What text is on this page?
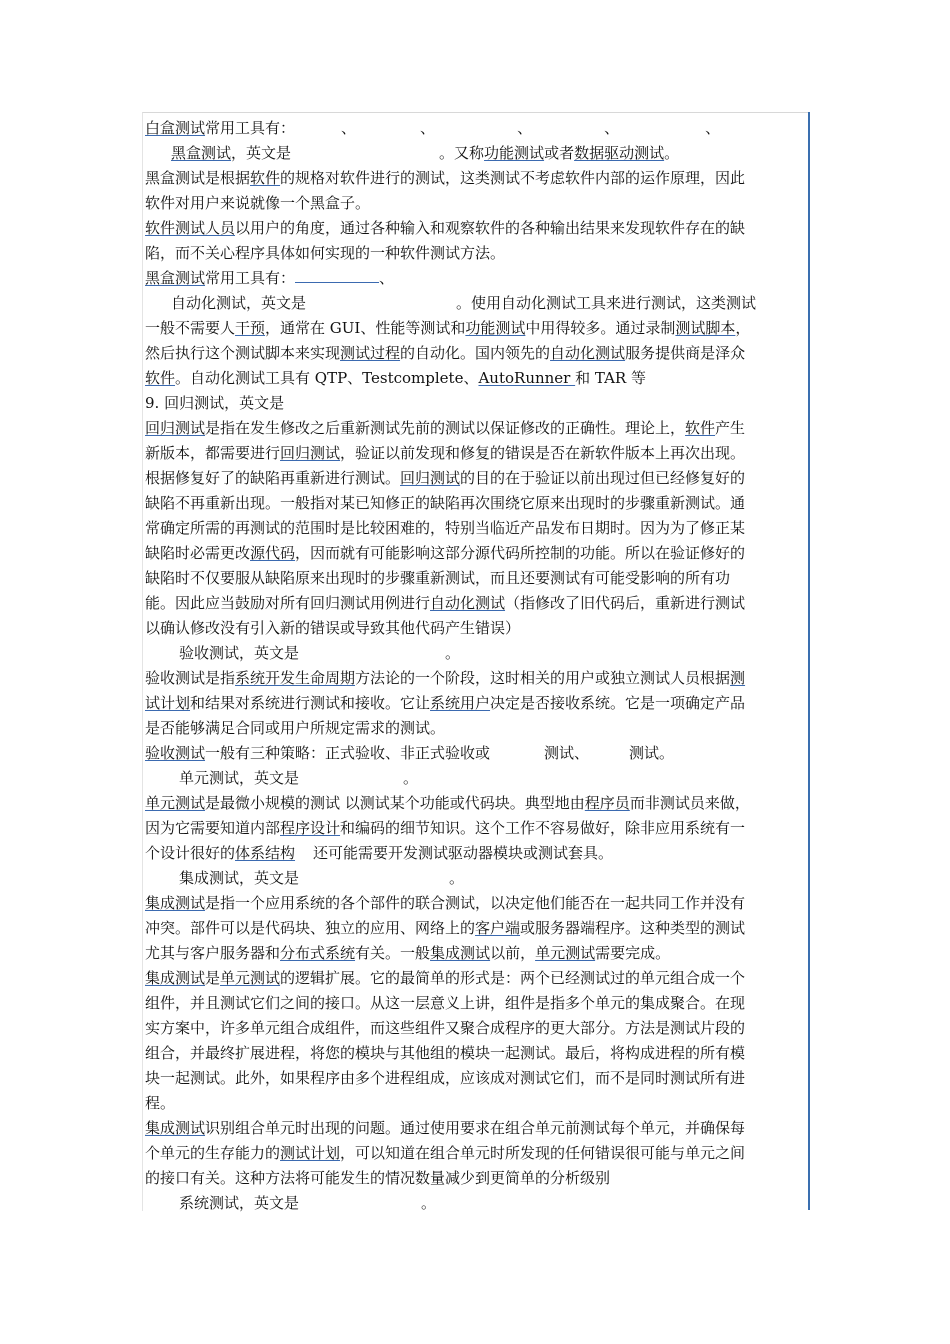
白盒测试常用工具有：	、	、	、	、	、
黑盒测试，英文是	。又称功能测试或者数据驱动测试。
黑盒测试是根据软件的规格对软件进行的测试，这类测试不考虑软件内部的运作原理，因此
软件对用户来说就像一个黑盒子。
软件测试人员以用户的角度，通过各种输入和观察软件的各种输出结果来发现软件存在的缺
陷，而不关心程序具体如何实现的一种软件测试方法。
黑盒测试常用工具有：	、
自动化测试，英文是	。使用自动化测试工具来进行测试，这类测试
一般不需要人干预，通常在 GUI、性能等测试和功能测试中用得较多。通过录制测试脚本，
然后执行这个测试脚本来实现测试过程的自动化。国内领先的自动化测试服务提供商是泽众
软件。自动化测试工具有 QTP、Testcomplete、AutoRunner 和 TAR 等
9. 回归测试，英文是
回归测试是指在发生修改之后重新测试先前的测试以保证修改的正确性。理论上，软件产生
新版本，都需要进行回归测试，验证以前发现和修复的错误是否在新软件版本上再次出现。
根据修复好了的缺陷再重新进行测试。回归测试的目的在于验证以前出现过但已经修复好的
缺陷不再重新出现。一般指对某已知修正的缺陷再次围绕它原来出现时的步骤重新测试。通
常确定所需的再测试的范围时是比较困难的，特别当临近产品发布日期时。因为为了修正某
缺陷时必需更改源代码，因而就有可能影响这部分源代码所控制的功能。所以在验证修好的
缺陷时不仅要服从缺陷原来出现时的步骤重新测试，而且还要测试有可能受影响的所有功
能。因此应当鼓励对所有回归测试用例进行自动化测试（指修改了旧代码后，重新进行测试
以确认修改没有引入新的错误或导致其他代码产生错误）
验收测试，英文是	。
验收测试是指系统开发生命周期方法论的一个阶段，这时相关的用户或独立测试人员根据测
试计划和结果对系统进行测试和接收。它让系统用户决定是否接收系统。它是一项确定产品
是否能够满足合同或用户所规定需求的测试。
验收测试一般有三种策略：正式验收、非正式验收或	测试、	测试。
单元测试，英文是	。
单元测试是最微小规模的测试 以测试某个功能或代码块。典型地由程序员而非测试员来做，
因为它需要知道内部程序设计和编码的细节知识。这个工作不容易做好，除非应用系统有一
个设计很好的体系结构 还可能需要开发测试驱动器模块或测试套具。
集成测试，英文是	。
集成测试是指一个应用系统的各个部件的联合测试，以决定他们能否在一起共同工作并没有
冲突。部件可以是代码块、独立的应用、网络上的客户端或服务器端程序。这种类型的测试
尤其与客户服务器和分布式系统有关。一般集成测试以前，单元测试需要完成。
集成测试是单元测试的逻辑扩展。它的最简单的形式是：两个已经测试过的单元组合成一个
组件，并且测试它们之间的接口。从这一层意义上讲，组件是指多个单元的集成聚合。在现
实方案中，许多单元组合成组件，而这些组件又聚合成程序的更大部分。方法是测试片段的
组合，并最终扩展进程，将您的模块与其他组的模块一起测试。最后，将构成进程的所有模
块一起测试。此外，如果程序由多个进程组成，应该成对测试它们，而不是同时测试所有进
程。
集成测试识别组合单元时出现的问题。通过使用要求在组合单元前测试每个单元，并确保每
个单元的生存能力的测试计划，可以知道在组合单元时所发现的任何错误很可能与单元之间
的接口有关。这种方法将可能发生的情况数量减少到更简单的分析级别
系统测试，英文是	。
